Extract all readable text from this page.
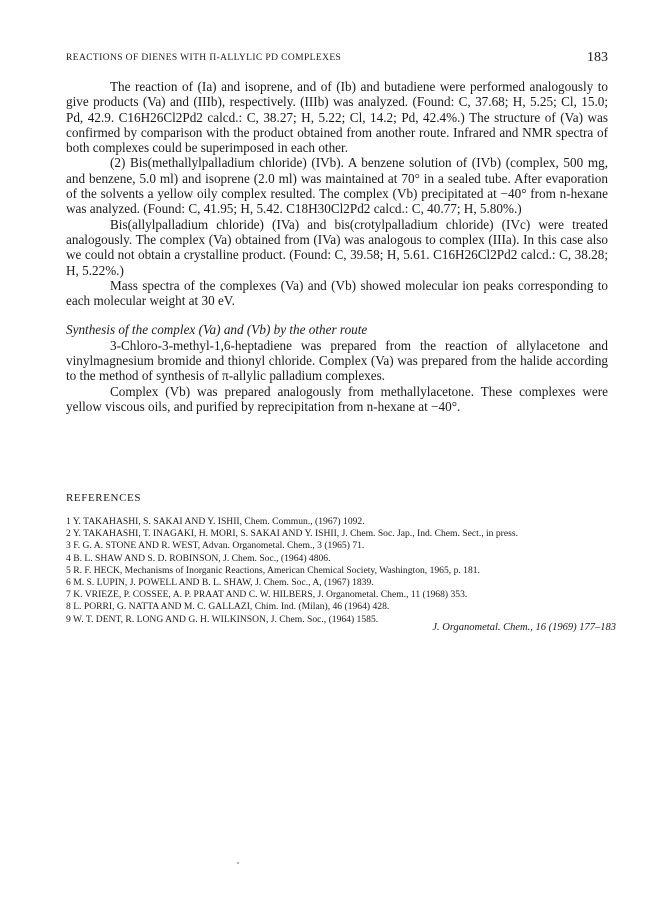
REACTIONS OF DIENES WITH Π-ALLYLIC PD COMPLEXES	183

The reaction of (Ia) and isoprene, and of (Ib) and butadiene were performed analogously to give products (Va) and (IIIb), respectively. (IIIb) was analyzed. (Found: C, 37.68; H, 5.25; Cl, 15.0; Pd, 42.9. C16H26Cl2Pd2 calcd.: C, 38.27; H, 5.22; Cl, 14.2; Pd, 42.4%.) The structure of (Va) was confirmed by comparison with the product obtained from another route. Infrared and NMR spectra of both complexes could be superimposed in each other.

(2) Bis(methallylpalladium chloride) (IVb). A benzene solution of (IVb) (complex, 500 mg, and benzene, 5.0 ml) and isoprene (2.0 ml) was maintained at 70° in a sealed tube. After evaporation of the solvents a yellow oily complex resulted. The complex (Vb) precipitated at −40° from n-hexane was analyzed. (Found: C, 41.95; H, 5.42. C18H30Cl2Pd2 calcd.: C, 40.77; H, 5.80%.)

Bis(allylpalladium chloride) (IVa) and bis(crotylpalladium chloride) (IVc) were treated analogously. The complex (Va) obtained from (IVa) was analogous to complex (IIIa). In this case also we could not obtain a crystalline product. (Found: C, 39.58; H, 5.61. C16H26Cl2Pd2 calcd.: C, 38.28; H, 5.22%.)

Mass spectra of the complexes (Va) and (Vb) showed molecular ion peaks corresponding to each molecular weight at 30 eV.

Synthesis of the complex (Va) and (Vb) by the other route

3-Chloro-3-methyl-1,6-heptadiene was prepared from the reaction of allylacetone and vinylmagnesium bromide and thionyl chloride. Complex (Va) was prepared from the halide according to the method of synthesis of π-allylic palladium complexes.

Complex (Vb) was prepared analogously from methallylacetone. These complexes were yellow viscous oils, and purified by reprecipitation from n-hexane at −40°.

REFERENCES
1 Y. TAKAHASHI, S. SAKAI AND Y. ISHII, Chem. Commun., (1967) 1092.
2 Y. TAKAHASHI, T. INAGAKI, H. MORI, S. SAKAI AND Y. ISHII, J. Chem. Soc. Jap., Ind. Chem. Sect., in press.
3 F. G. A. STONE AND R. WEST, Advan. Organometal. Chem., 3 (1965) 71.
4 B. L. SHAW AND S. D. ROBINSON, J. Chem. Soc., (1964) 4806.
5 R. F. HECK, Mechanisms of Inorganic Reactions, American Chemical Society, Washington, 1965, p. 181.
6 M. S. LUPIN, J. POWELL AND B. L. SHAW, J. Chem. Soc., A, (1967) 1839.
7 K. VRIEZE, P. COSSEE, A. P. PRAAT AND C. W. HILBERS, J. Organometal. Chem., 11 (1968) 353.
8 L. PORRI, G. NATTA AND M. C. GALLAZI, Chim. Ind. (Milan), 46 (1964) 428.
9 W. T. DENT, R. LONG AND G. H. WILKINSON, J. Chem. Soc., (1964) 1585.
J. Organometal. Chem., 16 (1969) 177–183
